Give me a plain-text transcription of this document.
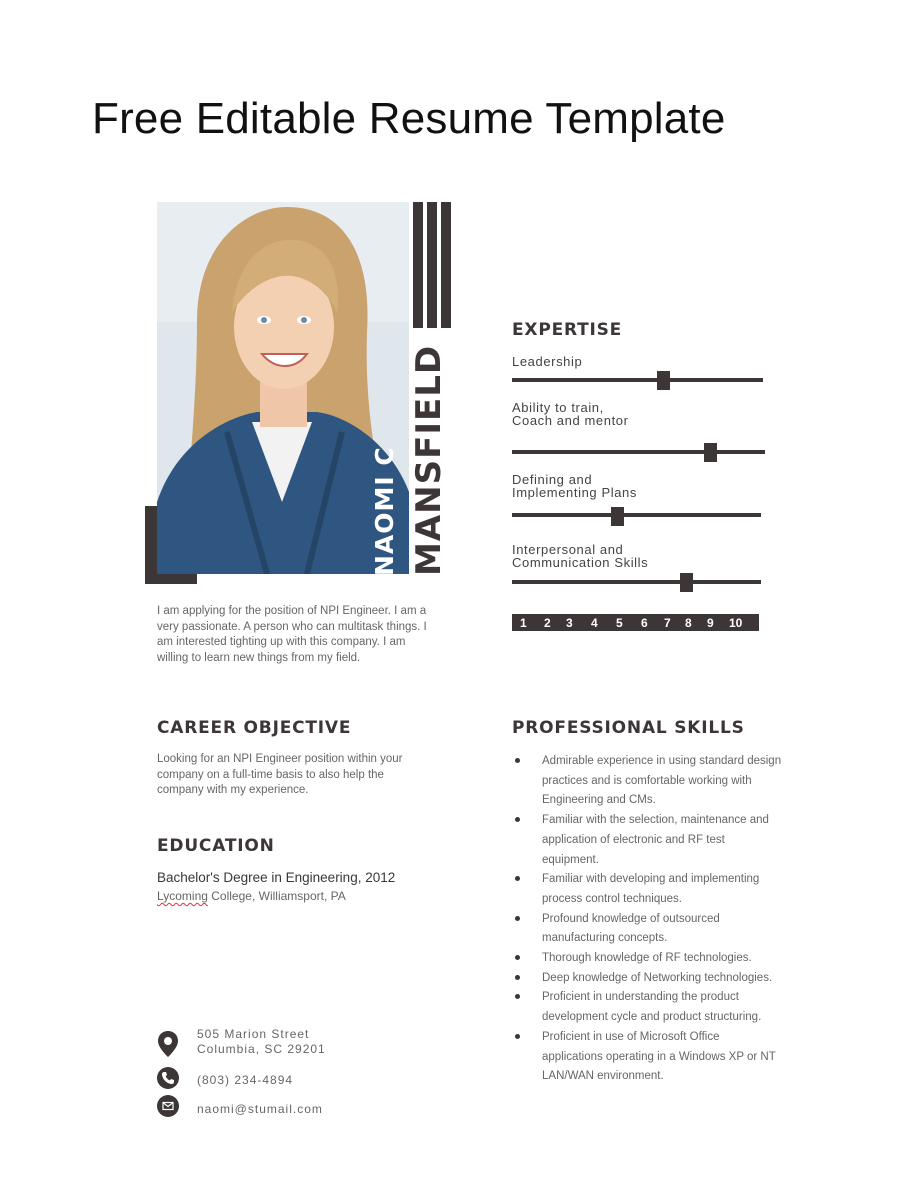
Free Editable Resume Template
NAOMI C MANSFIELD
I am applying for the position of NPI Engineer. I am a very passionate. A person who can multitask things. I am interested tighting up with this company. I am willing to learn new things from my field.
EXPERTISE
Leadership
Ability to train, Coach and mentor
Defining and Implementing Plans
Interpersonal and Communication Skills
1 2 3 4 5 6 7 8 9 10
CAREER OBJECTIVE
Looking for an NPI Engineer position within your company on a full-time basis to also help the company with my experience.
EDUCATION
Bachelor's Degree in Engineering, 2012
Lycoming College, Williamsport, PA
PROFESSIONAL SKILLS
Admirable experience in using standard design practices and is comfortable working with Engineering and CMs.
Familiar with the selection, maintenance and application of electronic and RF test equipment.
Familiar with developing and implementing process control techniques.
Profound knowledge of outsourced manufacturing concepts.
Thorough knowledge of RF technologies.
Deep knowledge of Networking technologies.
Proficient in understanding the product development cycle and product structuring.
Proficient in use of Microsoft Office applications operating in a Windows XP or NT LAN/WAN environment.
505 Marion Street
Columbia, SC 29201
(803) 234-4894
naomi@stumail.com
